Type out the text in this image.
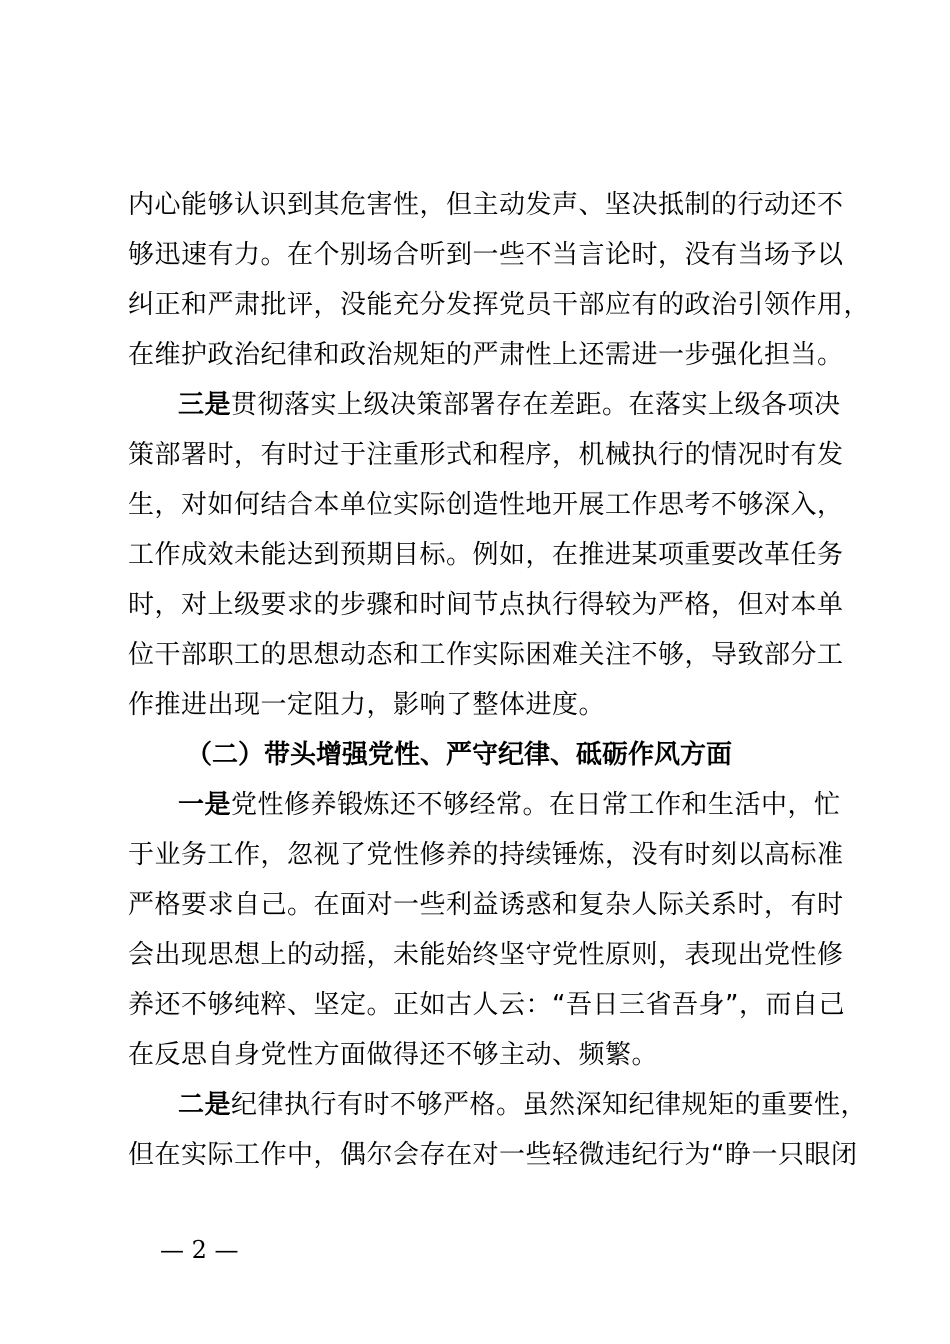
内心能够认识到其危害性，但主动发声、坚决抵制的行动还不
够迅速有力。在个别场合听到一些不当言论时，没有当场予以
纠正和严肃批评，没能充分发挥党员干部应有的政治引领作用，
在维护政治纪律和政治规矩的严肃性上还需进一步强化担当。
三是贯彻落实上级决策部署存在差距。在落实上级各项决
策部署时，有时过于注重形式和程序，机械执行的情况时有发
生，对如何结合本单位实际创造性地开展工作思考不够深入，
工作成效未能达到预期目标。例如，在推进某项重要改革任务
时，对上级要求的步骤和时间节点执行得较为严格，但对本单
位干部职工的思想动态和工作实际困难关注不够，导致部分工
作推进出现一定阻力，影响了整体进度。
（二）带头增强党性、严守纪律、砥砺作风方面
一是党性修养锻炼还不够经常。在日常工作和生活中，忙
于业务工作，忽视了党性修养的持续锤炼，没有时刻以高标准
严格要求自己。在面对一些利益诱惑和复杂人际关系时，有时
会出现思想上的动摇，未能始终坚守党性原则，表现出党性修
养还不够纯粹、坚定。正如古人云：“吾日三省吾身”，而自己
在反思自身党性方面做得还不够主动、频繁。
二是纪律执行有时不够严格。虽然深知纪律规矩的重要性，
但在实际工作中，偶尔会存在对一些轻微违纪行为“睁一只眼闭
— 2 —
